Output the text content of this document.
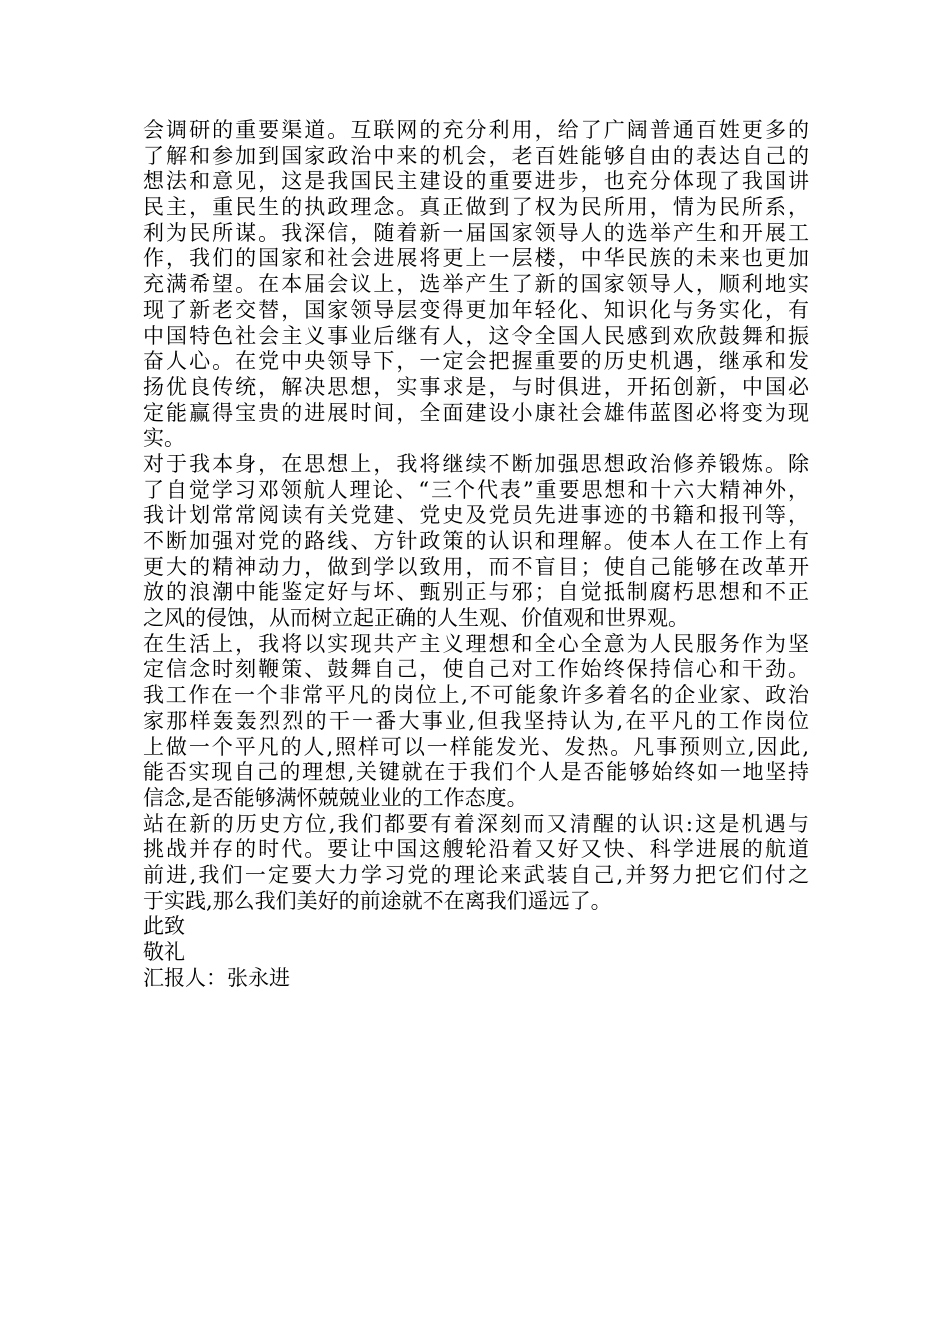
会调研的重要渠道。互联网的充分利用，给了广阔普通百姓更多的
了解和参加到国家政治中来的机会，老百姓能够自由的表达自己的
想法和意见，这是我国民主建设的重要进步，也充分体现了我国讲
民主，重民生的执政理念。真正做到了权为民所用，情为民所系，
利为民所谋。我深信，随着新一届国家领导人的选举产生和开展工
作，我们的国家和社会进展将更上一层楼，中华民族的未来也更加
充满希望。在本届会议上，选举产生了新的国家领导人，顺利地实
现了新老交替，国家领导层变得更加年轻化、知识化与务实化，有
中国特色社会主义事业后继有人，这令全国人民感到欢欣鼓舞和振
奋人心。在党中央领导下，一定会把握重要的历史机遇，继承和发
扬优良传统，解决思想，实事求是，与时俱进，开拓创新，中国必
定能赢得宝贵的进展时间，全面建设小康社会雄伟蓝图必将变为现
实。
对于我本身，在思想上，我将继续不断加强思想政治修养锻炼。除
了自觉学习邓领航人理论、“三个代表”重要思想和十六大精神外，
我计划常常阅读有关党建、党史及党员先进事迹的书籍和报刊等，
不断加强对党的路线、方针政策的认识和理解。使本人在工作上有
更大的精神动力，做到学以致用，而不盲目；使自己能够在改革开
放的浪潮中能鉴定好与坏、甄别正与邪；自觉抵制腐朽思想和不正
之风的侵蚀，从而树立起正确的人生观、价值观和世界观。
在生活上，我将以实现共产主义理想和全心全意为人民服务作为坚
定信念时刻鞭策、鼓舞自己，使自己对工作始终保持信心和干劲。
我工作在一个非常平凡的岗位上,不可能象许多着名的企业家、政治
家那样轰轰烈烈的干一番大事业,但我坚持认为,在平凡的工作岗位
上做一个平凡的人,照样可以一样能发光、发热。凡事预则立,因此,
能否实现自己的理想,关键就在于我们个人是否能够始终如一地坚持
信念,是否能够满怀兢兢业业的工作态度。
站在新的历史方位,我们都要有着深刻而又清醒的认识:这是机遇与
挑战并存的时代。要让中国这艘轮沿着又好又快、科学进展的航道
前进,我们一定要大力学习党的理论来武装自己,并努力把它们付之
于实践,那么我们美好的前途就不在离我们遥远了。
此致
敬礼
汇报人：张永进
